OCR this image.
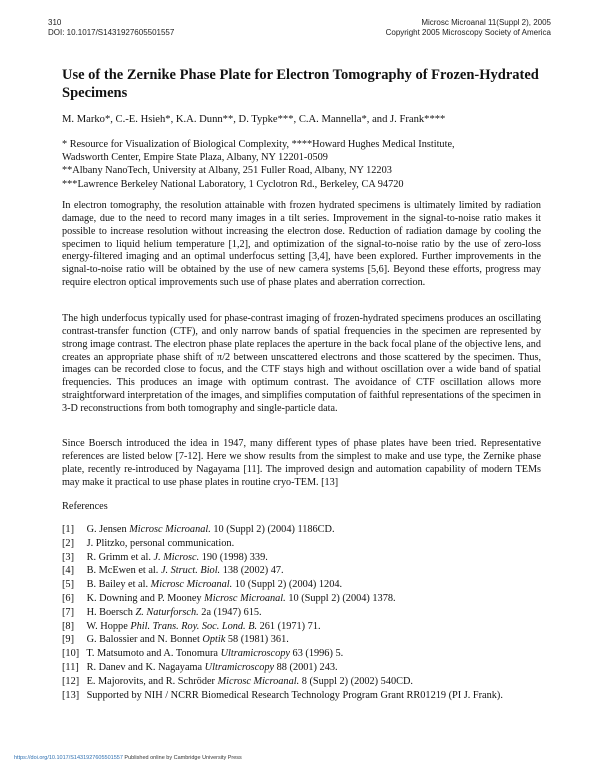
310
DOI: 10.1017/S1431927605501557
Microsc Microanal 11(Suppl 2), 2005
Copyright 2005 Microscopy Society of America
Use of the Zernike Phase Plate for Electron Tomography of Frozen-Hydrated Specimens
M. Marko*, C.-E. Hsieh*, K.A. Dunn**, D. Typke***, C.A. Mannella*, and J. Frank****
* Resource for Visualization of Biological Complexity, ****Howard Hughes Medical Institute,
Wadsworth Center, Empire State Plaza, Albany, NY 12201-0509
**Albany NanoTech, University at Albany, 251 Fuller Road, Albany, NY 12203
***Lawrence Berkeley National Laboratory, 1 Cyclotron Rd., Berkeley, CA 94720
In electron tomography, the resolution attainable with frozen hydrated specimens is ultimately limited by radiation damage, due to the need to record many images in a tilt series. Improvement in the signal-to-noise ratio makes it possible to increase resolution without increasing the electron dose. Reduction of radiation damage by cooling the specimen to liquid helium temperature [1,2], and optimization of the signal-to-noise ratio by the use of zero-loss energy-filtered imaging and an optimal underfocus setting [3,4], have been explored. Further improvements in the signal-to-noise ratio will be obtained by the use of new camera systems [5,6]. Beyond these efforts, progress may require electron optical improvements such use of phase plates and aberration correction.
The high underfocus typically used for phase-contrast imaging of frozen-hydrated specimens produces an oscillating contrast-transfer function (CTF), and only narrow bands of spatial frequencies in the specimen are represented by strong image contrast. The electron phase plate replaces the aperture in the back focal plane of the objective lens, and creates an appropriate phase shift of π/2 between unscattered electrons and those scattered by the specimen. Thus, images can be recorded close to focus, and the CTF stays high and without oscillation over a wide band of spatial frequencies. This produces an image with optimum contrast. The avoidance of CTF oscillation allows more straightforward interpretation of the images, and simplifies computation of faithful representations of the specimen in 3-D reconstructions from both tomography and single-particle data.
Since Boersch introduced the idea in 1947, many different types of phase plates have been tried. Representative references are listed below [7-12]. Here we show results from the simplest to make and use type, the Zernike phase plate, recently re-introduced by Nagayama [11]. The improved design and automation capability of modern TEMs may make it practical to use phase plates in routine cryo-TEM. [13]
References
[1] G. Jensen Microsc Microanal. 10 (Suppl 2) (2004) 1186CD.
[2] J. Plitzko, personal communication.
[3] R. Grimm et al. J. Microsc. 190 (1998) 339.
[4] B. McEwen et al. J. Struct. Biol. 138 (2002) 47.
[5] B. Bailey et al. Microsc Microanal. 10 (Suppl 2) (2004) 1204.
[6] K. Downing and P. Mooney Microsc Microanal. 10 (Suppl 2) (2004) 1378.
[7] H. Boersch Z. Naturforsch. 2a (1947) 615.
[8] W. Hoppe Phil. Trans. Roy. Soc. Lond. B. 261 (1971) 71.
[9] G. Balossier and N. Bonnet Optik 58 (1981) 361.
[10] T. Matsumoto and A. Tonomura Ultramicroscopy 63 (1996) 5.
[11] R. Danev and K. Nagayama Ultramicroscopy 88 (2001) 243.
[12] E. Majorovits, and R. Schröder Microsc Microanal. 8 (Suppl 2) (2002) 540CD.
[13] Supported by NIH / NCRR Biomedical Research Technology Program Grant RR01219 (PI J. Frank).
https://doi.org/10.1017/S1431927605501557 Published online by Cambridge University Press
